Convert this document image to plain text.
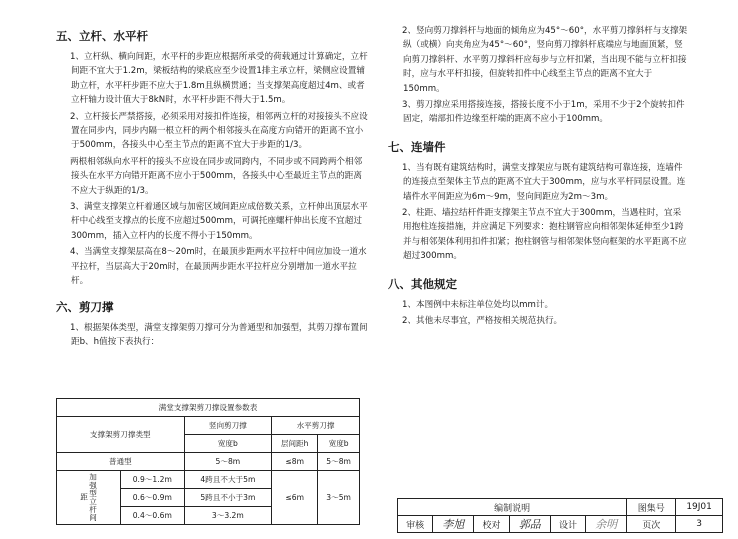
五、立杆、水平杆
1、立杆纵、横向间距，水平杆的步距应根据所承受的荷载通过计算确定，立杆间距不宜大于1.2m，梁板结构的梁底应至少设置1排主承立杆，梁侧应设置辅助立杆，水平杆步距不应大于1.8m且纵横贯通；当支撑架高度超过4m、或者立杆轴力设计值大于8kN时，水平杆步距不得大于1.5m。
2、立杆接长严禁搭接，必须采用对接扣件连接，相邻两立杆的对接接头不应设置在同步内，同步内隔一根立杆的两个相邻接头在高度方向错开的距离不宜小于500mm，各接头中心至主节点的距离不宜大于步距的1/3。
两根相邻纵向水平杆的接头不应设在同步或同跨内，不同步或不同跨两个相邻接头在水平方向错开距离不应小于500mm，各接头中心至最近主节点的距离不应大于纵距的1/3。
3、满堂支撑架立杆着通区域与加密区域间距应成倍数关系，立杆伸出顶层水平杆中心线至支撑点的长度不应超过500mm，可调托座螺杆伸出长度不宜超过300mm，插入立杆内的长度不得小于150mm。
4、当满堂支撑架层高在8～20m时，在最顶步距两水平拉杆中间应加设一道水平拉杆，当层高大于20m时，在最顶两步距水平拉杆应分别增加一道水平拉杆。
六、剪刀撑
1、根据架体类型，满堂支撑架剪刀撑可分为普通型和加强型，其剪刀撑布置间距b、h值按下表执行：
满堂支撑架剪刀撑设置参数表				
支撑架剪刀撑类型		竖向剪刀撑	水平剪刀撑	
		宽度b	层间距h	宽度b
普通型		5～8m	≤8m	5～8m
加强型立杆间距	0.9～1.2m	4跨且不大于5m	≤6m	3～5m
	0.6～0.9m	5跨且不小于3m		
	0.4～0.6m	3～3.2m		
2、竖向剪刀撑斜杆与地面的倾角应为45°～60°，水平剪刀撑斜杆与支撑架纵（或横）向夹角应为45°～60°，竖向剪刀撑斜杆底端应与地面顶紧，竖向剪刀撑斜杆、水平剪刀撑斜杆应每步与立杆扣紧，当出现不能与立杆扣接时，应与水平杆扣接，但旋转扣件中心线至主节点的距离不宜大于150mm。
3、剪刀撑应采用搭接连接，搭接长度不小于1m，采用不少于2个旋转扣件固定，端部扣件边缘至杆端的距离不应小于100mm。
七、连墙件
1、当有既有建筑结构时，满堂支撑架应与既有建筑结构可靠连接，连墙件的连接点至架体主节点的距离不宜大于300mm，应与水平杆同层设置。连墙件水平间距应为6m～9m，竖向间距应为2m～3m。
2、柱距、墙拉结杆件距支撑架主节点不宜大于300mm，当遇柱时，宜采用抱柱连接措施，并应满足下列要求：抱柱钢管应向相邻架体延伸至少1跨并与相邻架体利用扣件扣紧；抱柱钢管与相邻架体竖向框架的水平距离不应超过300mm。
八、其他规定
1、本图例中未标注单位处均以mm计。
2、其他未尽事宜，严格按相关规范执行。
编制说明						图集号	19J01
审核	李旭	校对	郭品	设计	余明	页次	3
